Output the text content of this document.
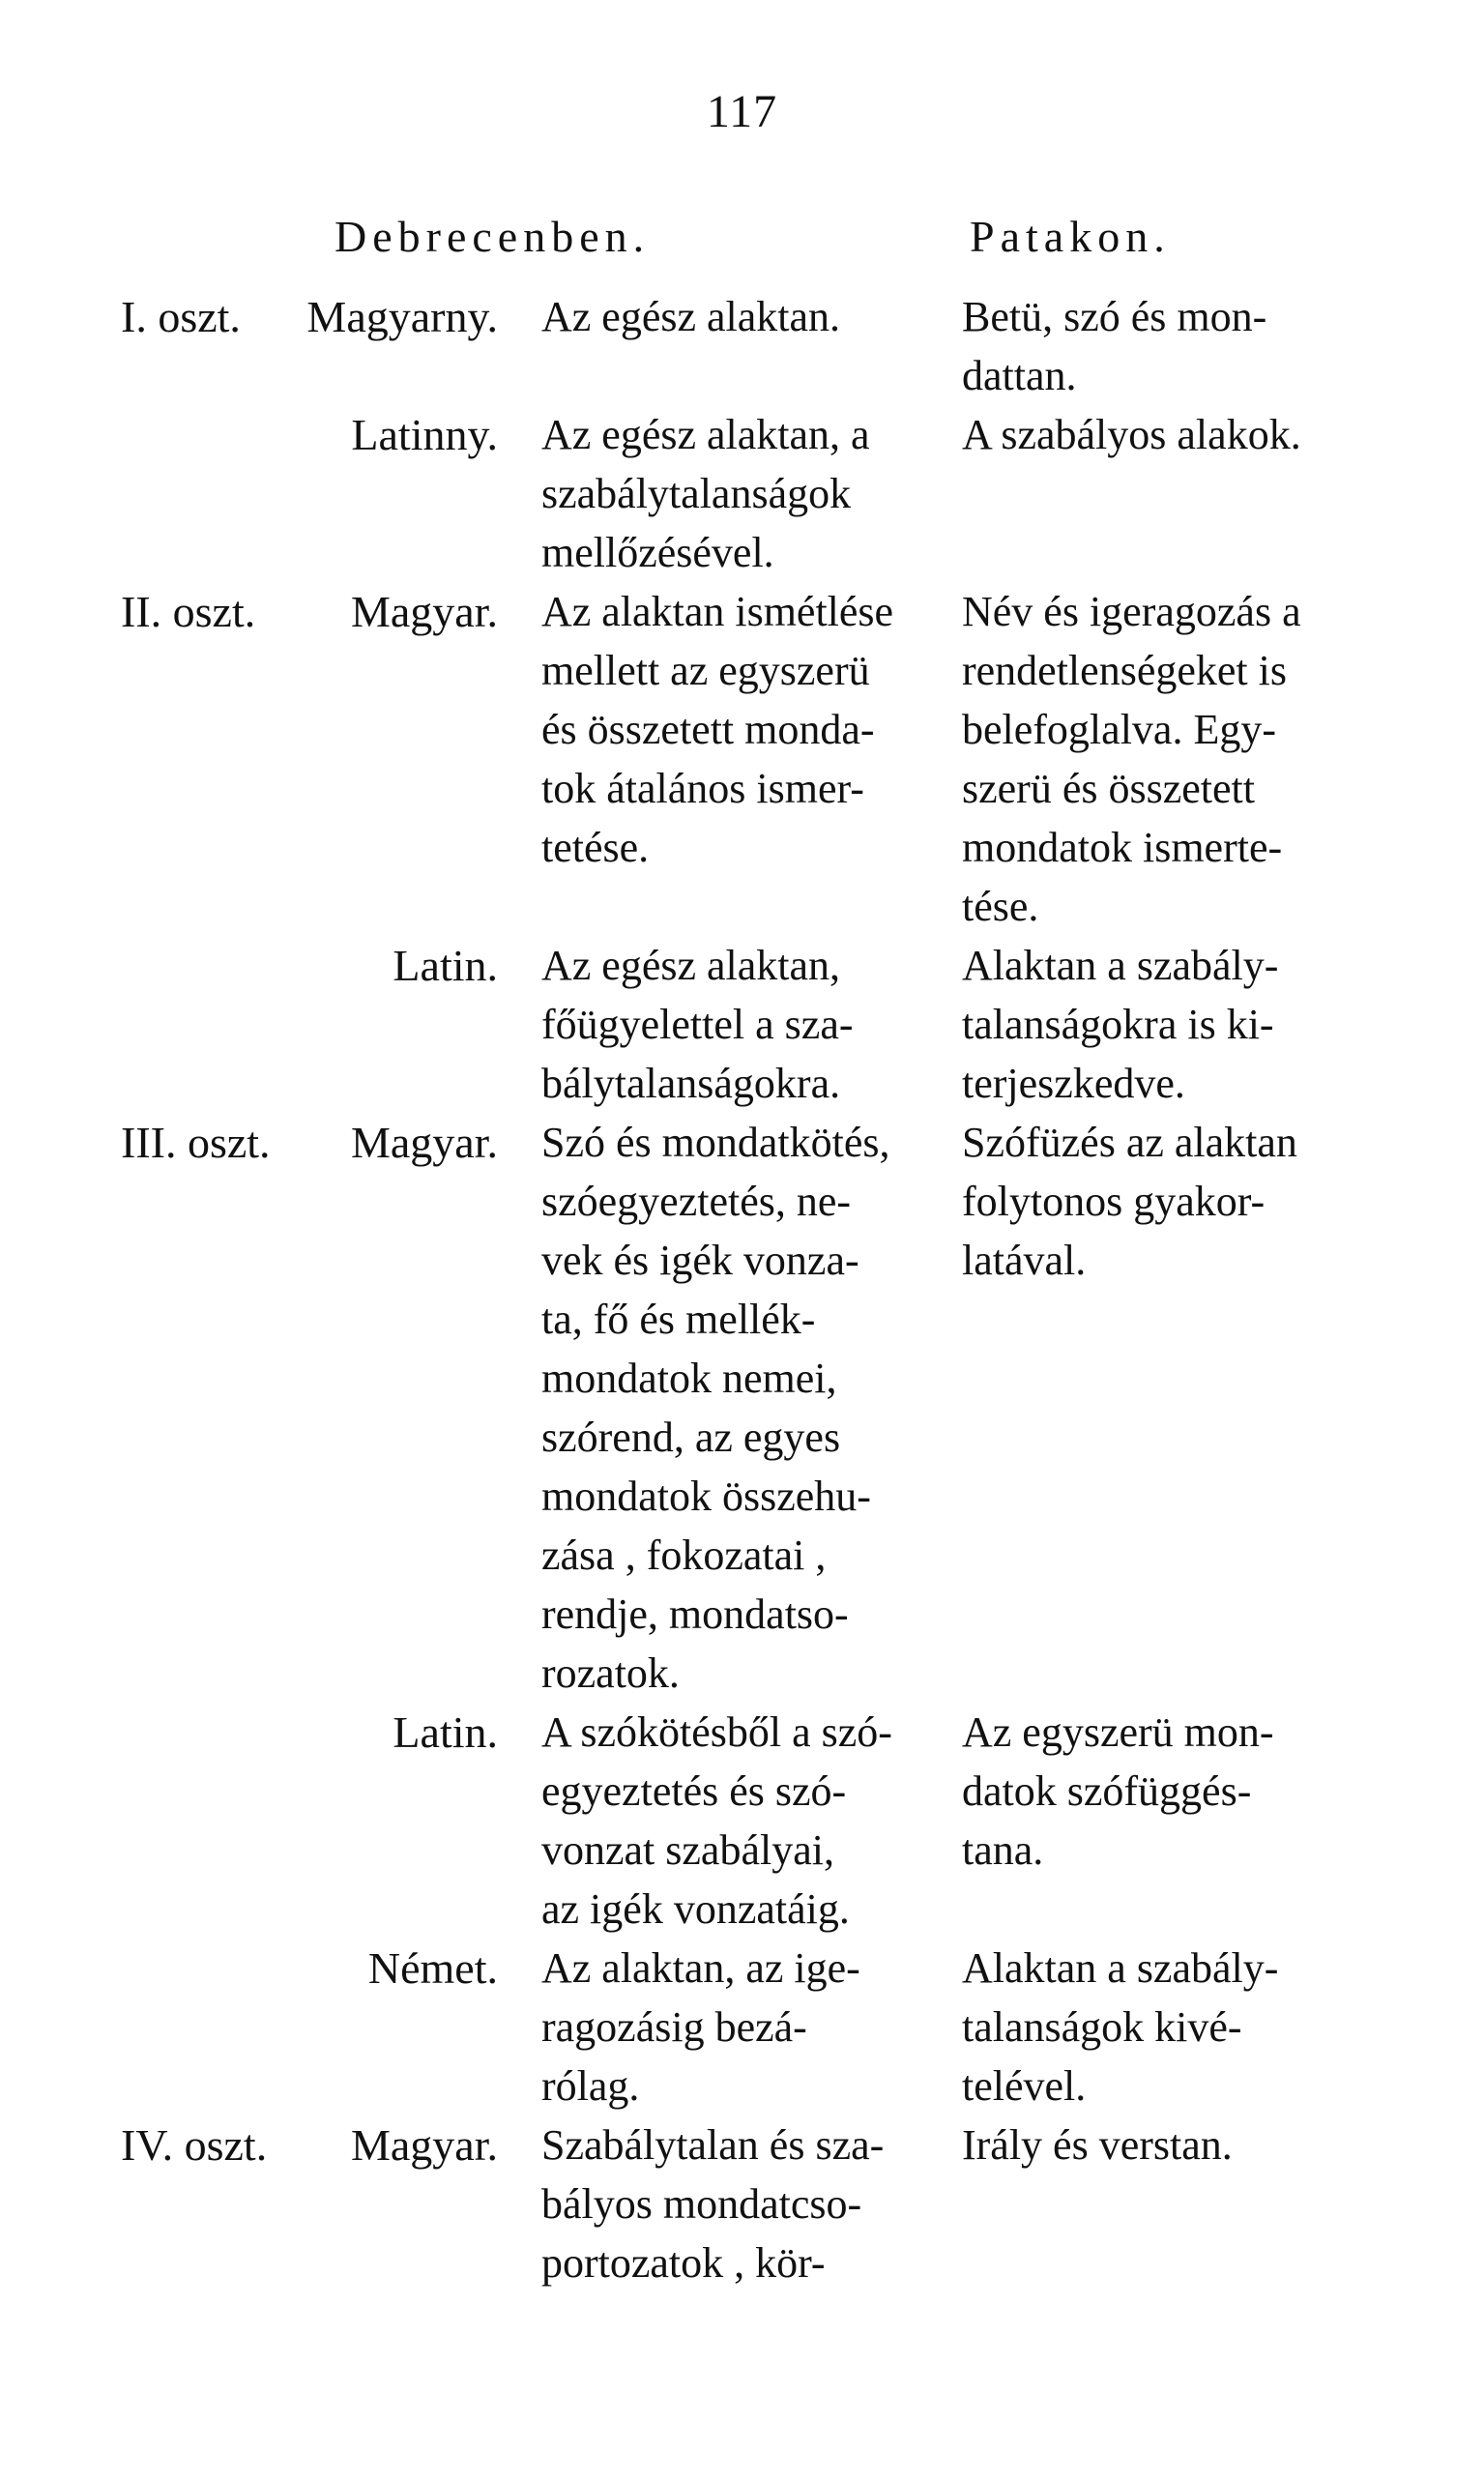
117
Debrecenben.	Patakon.
I. oszt. Magyarny. Az egész alaktan.	Betü, szó és mon-
dattan.
Latinny. Az egész alaktan, a
szabálytalanságok
mellőzésével.
A szabályos alakok.
II. oszt. Magyar. Az alaktan ismétlése
mellett az egyszerü
és összetett monda-
tok átalános ismer-
tetése.
Név és igeragozás a
rendetlenségeket is
belefoglalva. Egy-
szerü és összetett
mondatok ismerte-
tése.
Latin. Az egész alaktan,
főügyelettel a sza-
bálytalanságokra.
Alaktan a szabály-
talanságokra is ki-
terjeszkedve.
III. oszt. Magyar. Szó és mondatkötés,
szóegyeztetés, ne-
vek és igék vonza-
ta, fő és mellék-
mondatok nemei,
szórend, az egyes
mondatok összehu-
zása , fokozatai ,
rendje, mondatso-
rozatok.
Szófüzés az alaktan
folytonos gyakor-
latával.
Latin. A szókötésből a szó-
egyeztetés és szó-
vonzat szabályai,
az igék vonzatáig.
Az egyszerü mon-
datok szófüggés-
tana.
Német. Az alaktan, az ige-
ragozásig bezá-
rólag.
Alaktan a szabály-
talanságok kivé-
telével.
IV. oszt. Magyar. Szabálytalan és sza-
bályos mondatcso-
portozatok , kör-
Irály és verstan.
